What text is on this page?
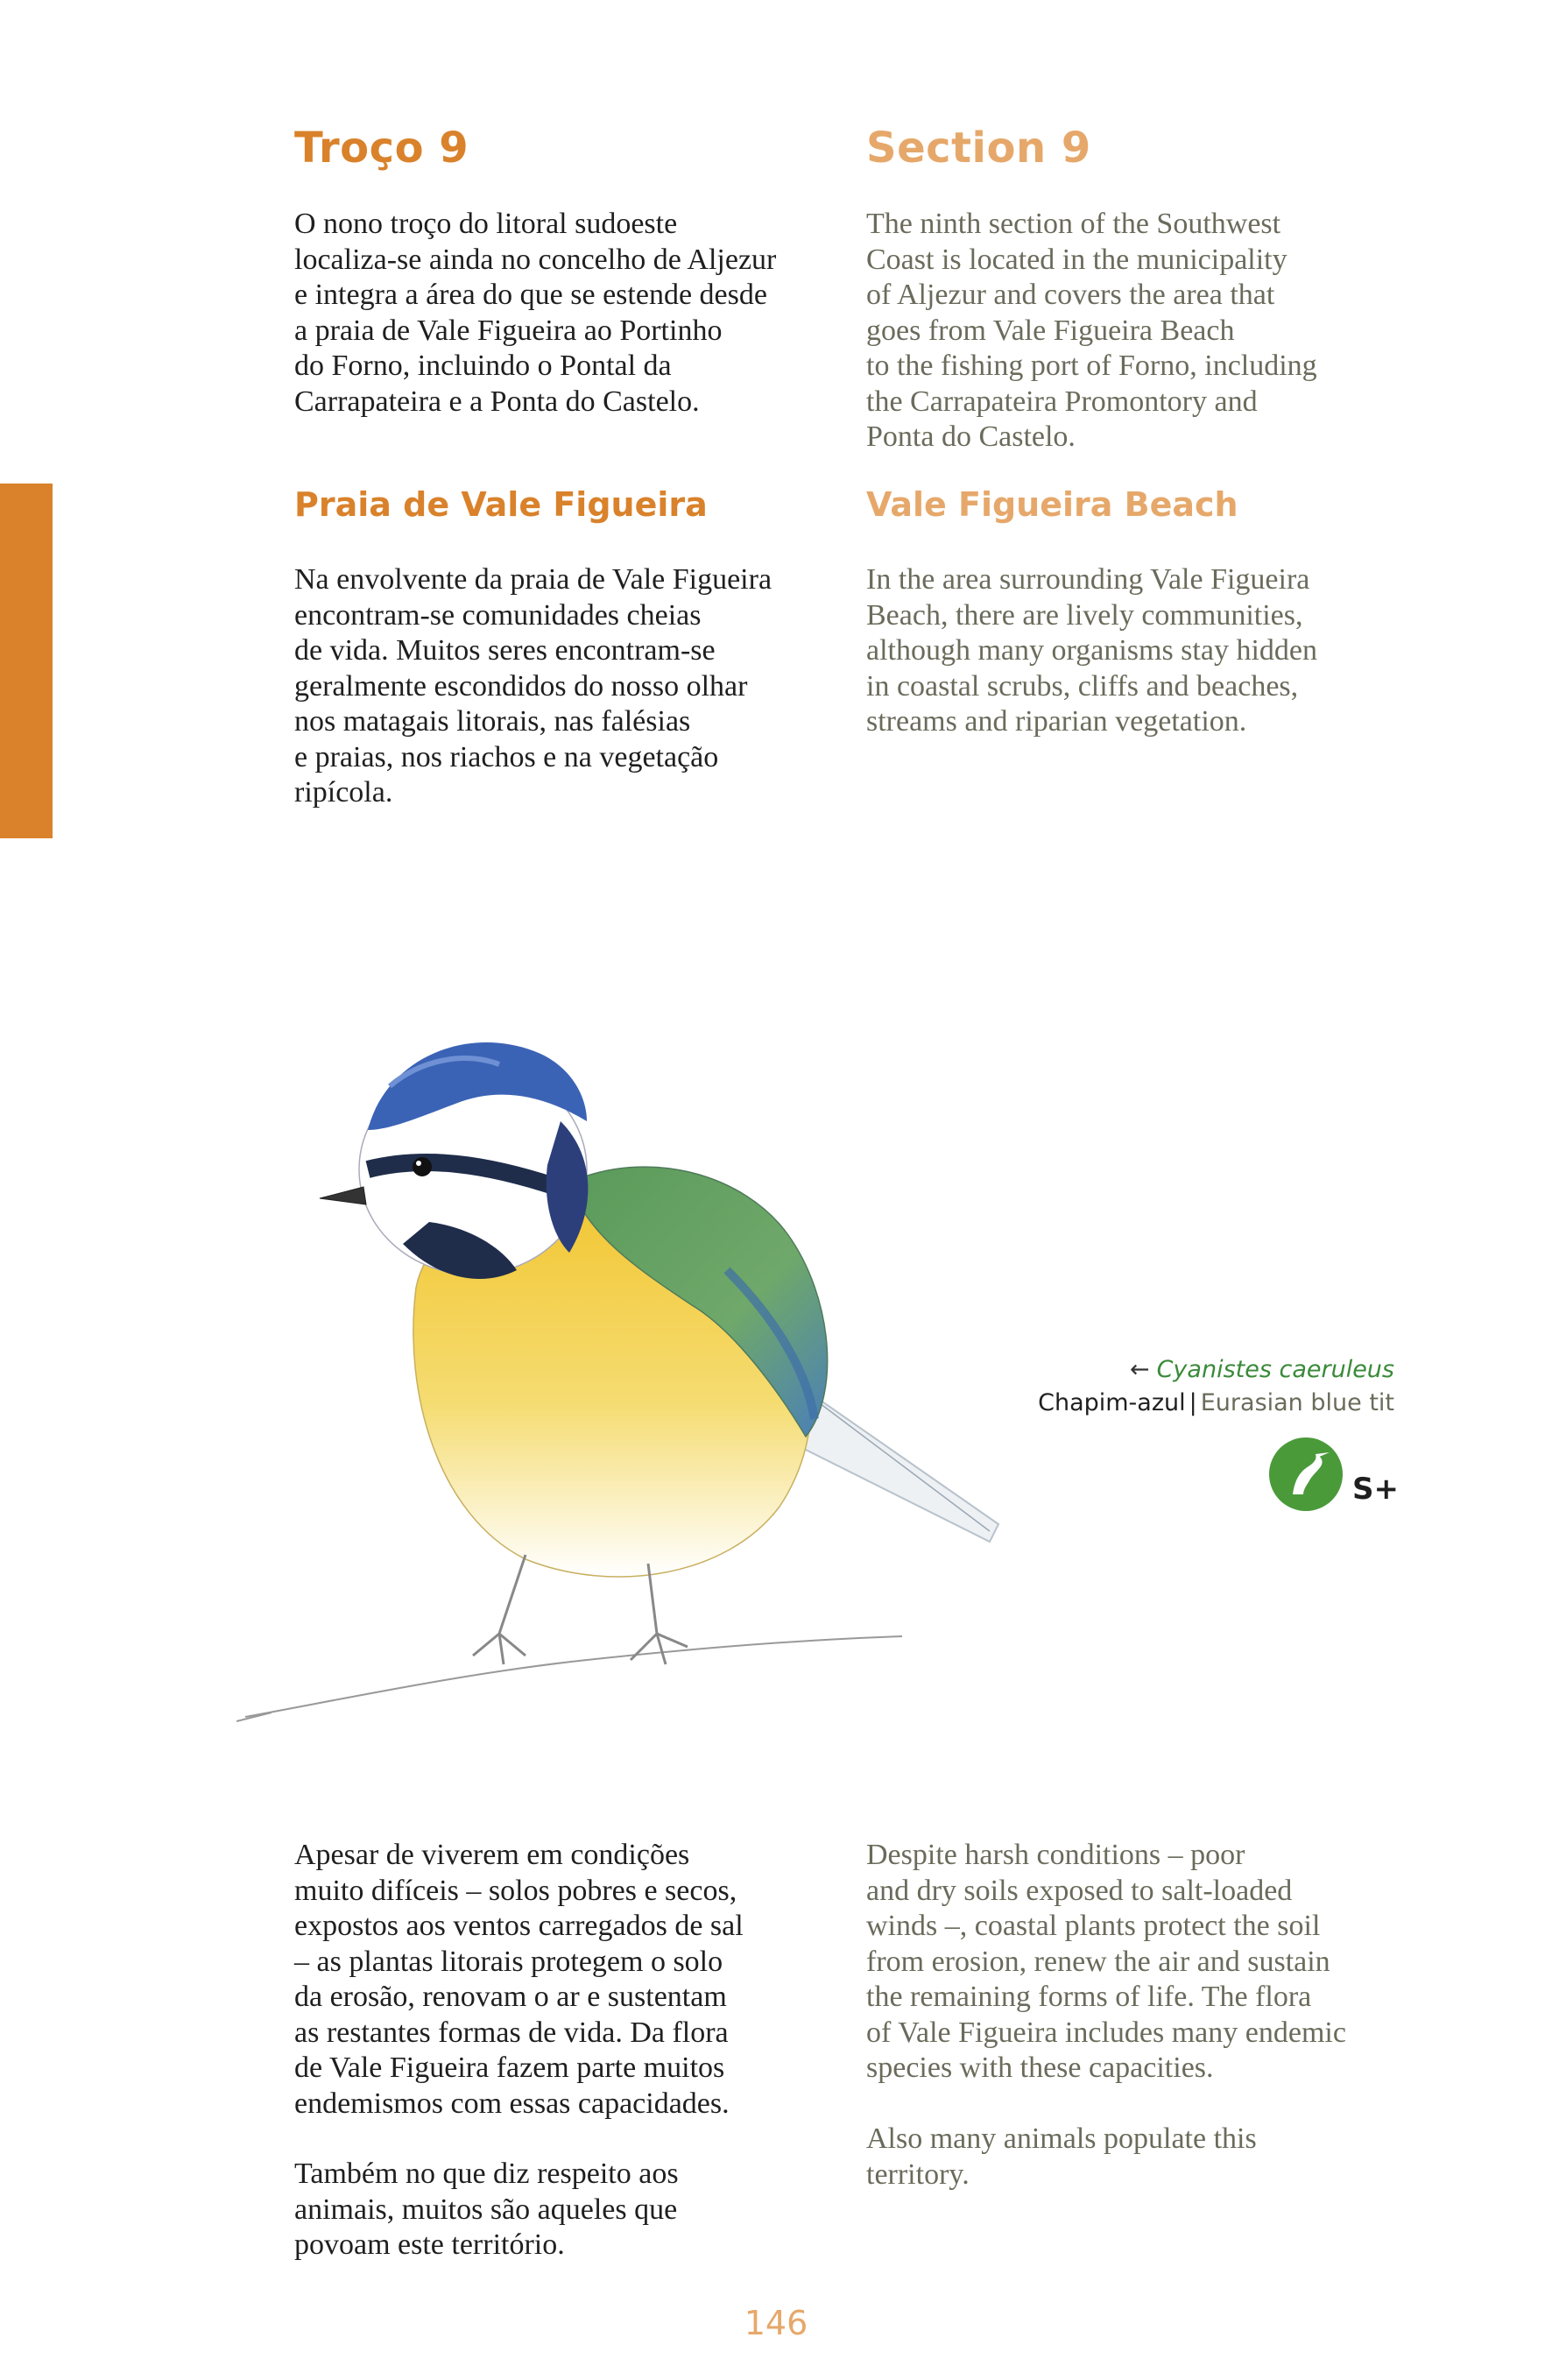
Troço 9

O nono troço do litoral sudoeste
localiza-se ainda no concelho de Aljezur
e integra a área do que se estende desde
a praia de Vale Figueira ao Portinho
do Forno, incluindo o Pontal da
Carrapateira e a Ponta do Castelo.

Praia de Vale Figueira

Na envolvente da praia de Vale Figueira
encontram-se comunidades cheias
de vida. Muitos seres encontram-se
geralmente escondidos do nosso olhar
nos matagais litorais, nas falésias
e praias, nos riachos e na vegetação
ripícola.

Apesar de viverem em condições
muito difíceis – solos pobres e secos,
expostos aos ventos carregados de sal
– as plantas litorais protegem o solo
da erosão, renovam o ar e sustentam
as restantes formas de vida. Da flora
de Vale Figueira fazem parte muitos
endemismos com essas capacidades.

Também no que diz respeito aos
animais, muitos são aqueles que
povoam este território.

Section 9

The ninth section of the Southwest
Coast is located in the municipality
of Aljezur and covers the area that
goes from Vale Figueira Beach
to the fishing port of Forno, including
the Carrapateira Promontory and
Ponta do Castelo.

Vale Figueira Beach

In the area surrounding Vale Figueira
Beach, there are lively communities,
although many organisms stay hidden
in coastal scrubs, cliffs and beaches,
streams and riparian vegetation.

Despite harsh conditions – poor
and dry soils exposed to salt-loaded
winds –, coastal plants protect the soil
from erosion, renew the air and sustain
the remaining forms of life. The flora
of Vale Figueira includes many endemic
species with these capacities.

Also many animals populate this
territory.

← Cyanistes caeruleus
Chapim-azul | Eurasian blue tit
S+
146
